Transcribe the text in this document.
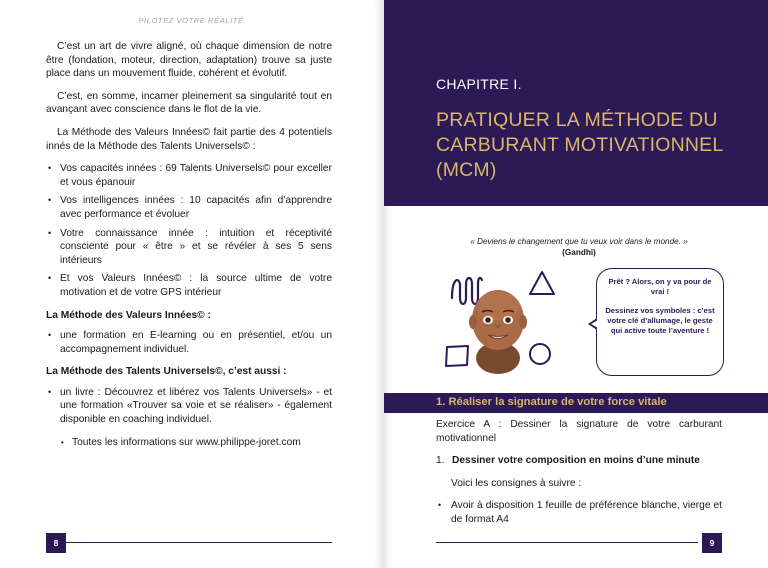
PILOTEZ VOTRE RÉALITÉ

C’est un art de vivre aligné, où chaque dimension de notre être (fondation, moteur, direction, adaptation) trouve sa juste place dans un mouvement fluide, cohérent et évolutif.

C’est, en somme, incarner pleinement sa singularité tout en avançant avec conscience dans le flot de la vie.

La Méthode des Valeurs Innées© fait partie des 4 potentiels innés de la Méthode des Talents Universels© :

• Vos capacités innées : 69 Talents Universels© pour exceller et vous épanouir
• Vos intelligences innées : 10 capacités afin d’apprendre avec performance et évoluer
• Votre connaissance innée : intuition et réceptivité consciente pour « être » et se révéler à ses 5 sens intérieurs
• Et vos Valeurs Innées© : la source ultime de votre motivation et de votre GPS intérieur
La Méthode des Valeurs Innées© :
• une formation en E-learning ou en présentiel, et/ou un accompagnement individuel.
La Méthode des Talents Universels©, c’est aussi :
• un livre : Découvrez et libérez vos Talents Universels» - et une formation «Trouver sa voie et se réaliser» - également disponible en coaching individuel.
• Toutes les informations sur www.philippe-joret.com
8
CHAPITRE I.
PRATIQUER LA MÉTHODE DU CARBURANT MOTIVATIONNEL (MCM)
« Deviens le changement que tu veux voir dans le monde. »
(Gandhi)

Prêt ? Alors, on y va pour de vrai !

Dessinez vos symboles : c’est votre clé d’allumage, le geste qui active toute l’aventure !

1. Réaliser la signature de votre force vitale

Exercice A : Dessiner la signature de votre carburant motivationnel

1. Dessiner votre composition en moins d’une minute

Voici les consignes à suivre :

• Avoir à disposition 1 feuille de préférence blanche, vierge et de format A4
9
